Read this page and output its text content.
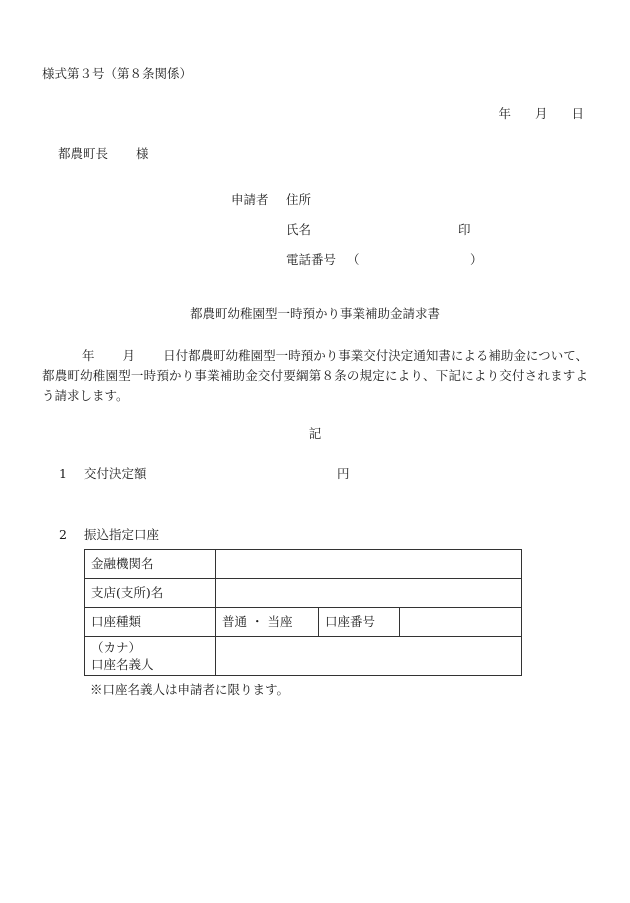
様式第３号（第８条関係）
年 月 日
都農町長 様
申請者 住所
氏名	印
電話番号 （	）
都農町幼稚園型一時預かり事業補助金請求書
年 月 日付都農町幼稚園型一時預かり事業交付決定通知書による補助金について、都農町幼稚園型一時預かり事業補助金交付要綱第８条の規定により、下記により交付されますよう請求します。
記
1 交付決定額	円
2 振込指定口座
金融機関名			
支店(支所)名			
口座種類	普通 ・ 当座	口座番号	

（カナ）
口座名義人			

※口座名義人は申請者に限ります。
